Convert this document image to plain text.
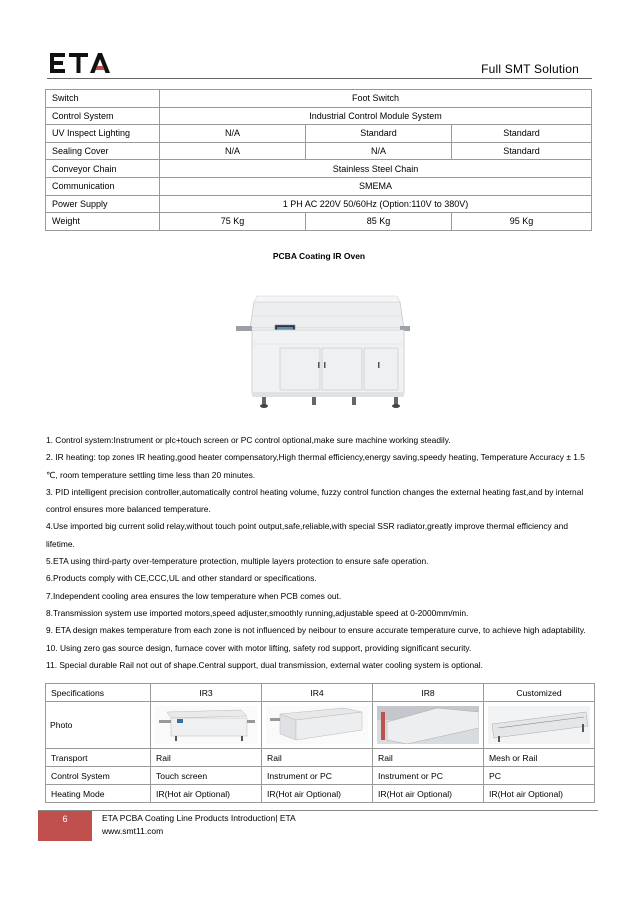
Full SMT Solution
Switch	Foot Switch		
Control System	Industrial Control Module System		
UV Inspect Lighting	N/A	Standard	Standard
Sealing Cover	N/A	N/A	Standard
Conveyor Chain	Stainless Steel Chain		
Communication	SMEMA		
Power Supply	1 PH AC 220V 50/60Hz (Option:110V to 380V)		
Weight	75 Kg	85 Kg	95 Kg
PCBA Coating IR Oven

1. Control system:Instrument or plc+touch screen or PC control optional,make sure machine working steadily.

2. IR heating: top zones IR heating,good heater compensatory,High thermal efficiency,energy saving,speedy heating, Temperature Accuracy ± 1.5 ℃, room temperature settling time less than 20 minutes.

3. PID intelligent precision controller,automatically control heating volume, fuzzy control function changes the external heating fast,and by internal control ensures more balanced temperature.

4.Use imported big current solid relay,without touch point output,safe,reliable,with special SSR radiator,greatly improve thermal efficiency and lifetime.

5.ETA using third-party over-temperature protection, multiple layers protection to ensure safe operation.

6.Products comply with CE,CCC,UL and other standard or specifications.

7.Independent cooling area ensures the low temperature when PCB comes out.

8.Transmission system use imported motors,speed adjuster,smoothly running,adjustable speed at 0-2000mm/min.

9. ETA design makes temperature from each zone is not influenced by neibour to ensure accurate temperature curve, to achieve high adaptability.

10. Using zero gas source design, furnace cover with motor lifting, safety rod support, providing significant security.

11. Special durable Rail not out of shape.Central support, dual transmission, external water cooling system is optional.

Specifications	IR3	IR4	IR8	Customized
Photo	

Transport	Rail	Rail	Rail	Mesh or Rail
Control System	Touch screen	Instrument or PC	Instrument or PC	PC
Heating Mode	IR(Hot air Optional)	IR(Hot air Optional)	IR(Hot air Optional)	IR(Hot air Optional)
6	ETA PCBA Coating Line Products Introduction| ETA
www.smt11.com
